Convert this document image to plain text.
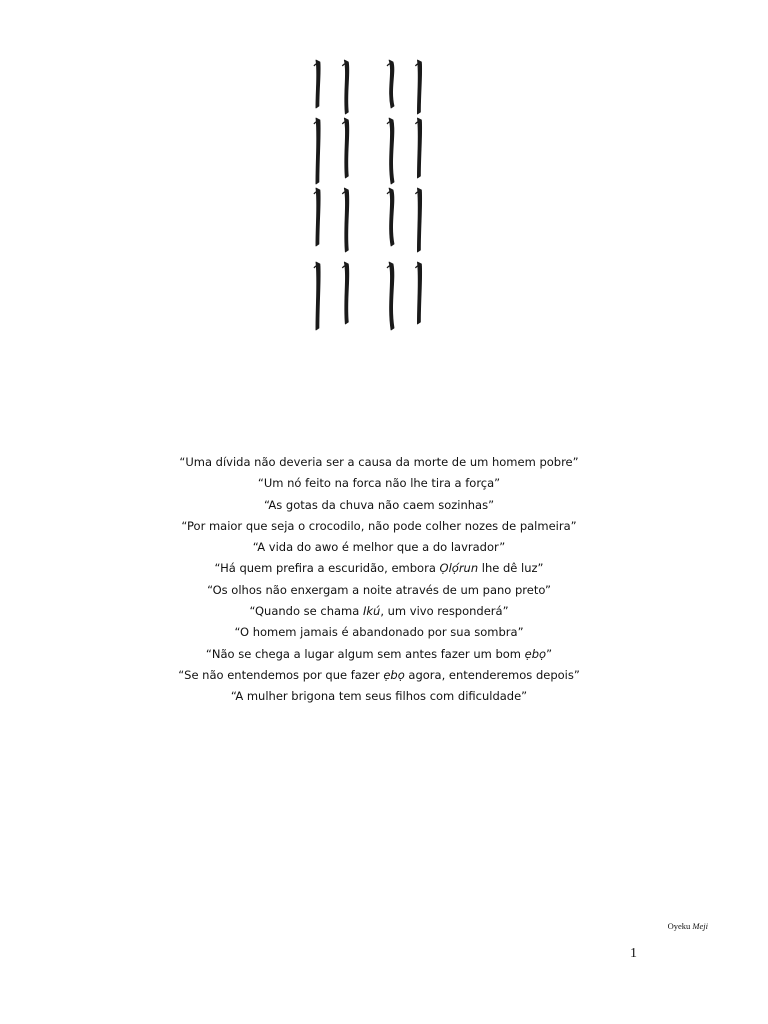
“Uma dívida não deveria ser a causa da morte de um homem pobre”
“Um nó feito na forca não lhe tira a força”
“As gotas da chuva não caem sozinhas”
“Por maior que seja o crocodilo, não pode colher nozes de palmeira”
“A vida do awo é melhor que a do lavrador”
“Há quem prefira a escuridão, embora Ọlọ́run lhe dê luz”
“Os olhos não enxergam a noite através de um pano preto”
“Quando se chama Ikú, um vivo responderá”
“O homem jamais é abandonado por sua sombra”
“Não se chega a lugar algum sem antes fazer um bom ẹbọ”
“Se não entendemos por que fazer ẹbọ agora, entenderemos depois”
“A mulher brigona tem seus filhos com dificuldade”
Oyeku Meji
1
